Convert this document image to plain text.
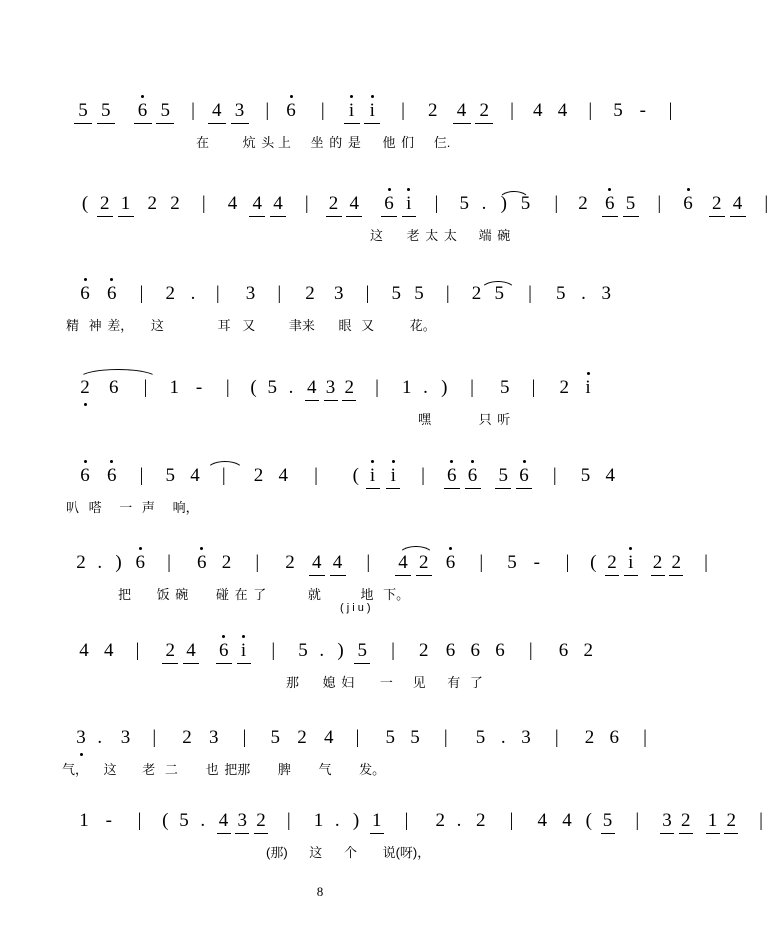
5 5 6 5 | 4 3 | 6 | i i | 2 4 2 | 4 4 | 5 - |
在	炕 头 上 坐 的 是 他 们 仨.
( 2 1 2 2 | 4 4 4 | 2 4 6 i | 5 . ) 5 | 2 6 5 | 6 2 4 |
这 老 太 太 端 碗
6 6 | 2 . | 3 | 2 3 | 5 5 | 2 5 | 5 . 3
精 神 差， 这	耳 又	聿来 眼 又	花。
2 6 | 1 - | ( 5 . 4 3 2 | 1 . ) | 5 | 2 i
嘿	只 听
6 6 | 5 4 | 2 4 | ( i i | 6 6 5 6 | 5 4
叭 嗒 一 声 响，
2 . ) 6 | 6 2 | 2 4 4 | 4 2 6 | 5 - | ( 2 i 2 2 |
把 饭 碗 碰 在 了	就	地 下。
( j i u )
4 4 | 2 4 6 i | 5 . ) 5 | 2 6 6 6 | 6 2
那 媳 妇 一 见 有 了
3 . 3 | 2 3 | 5 2 4 | 5 5 | 5 . 3 | 2 6 |
气， 这 老 二 也 把那 脾 气 发。
1 - | ( 5 . 4 3 2 | 1 . ) 1 | 2 . 2 | 4 4 ( 5 | 3 2 1 2 |
(那) 这 个 说(呀)，
8
